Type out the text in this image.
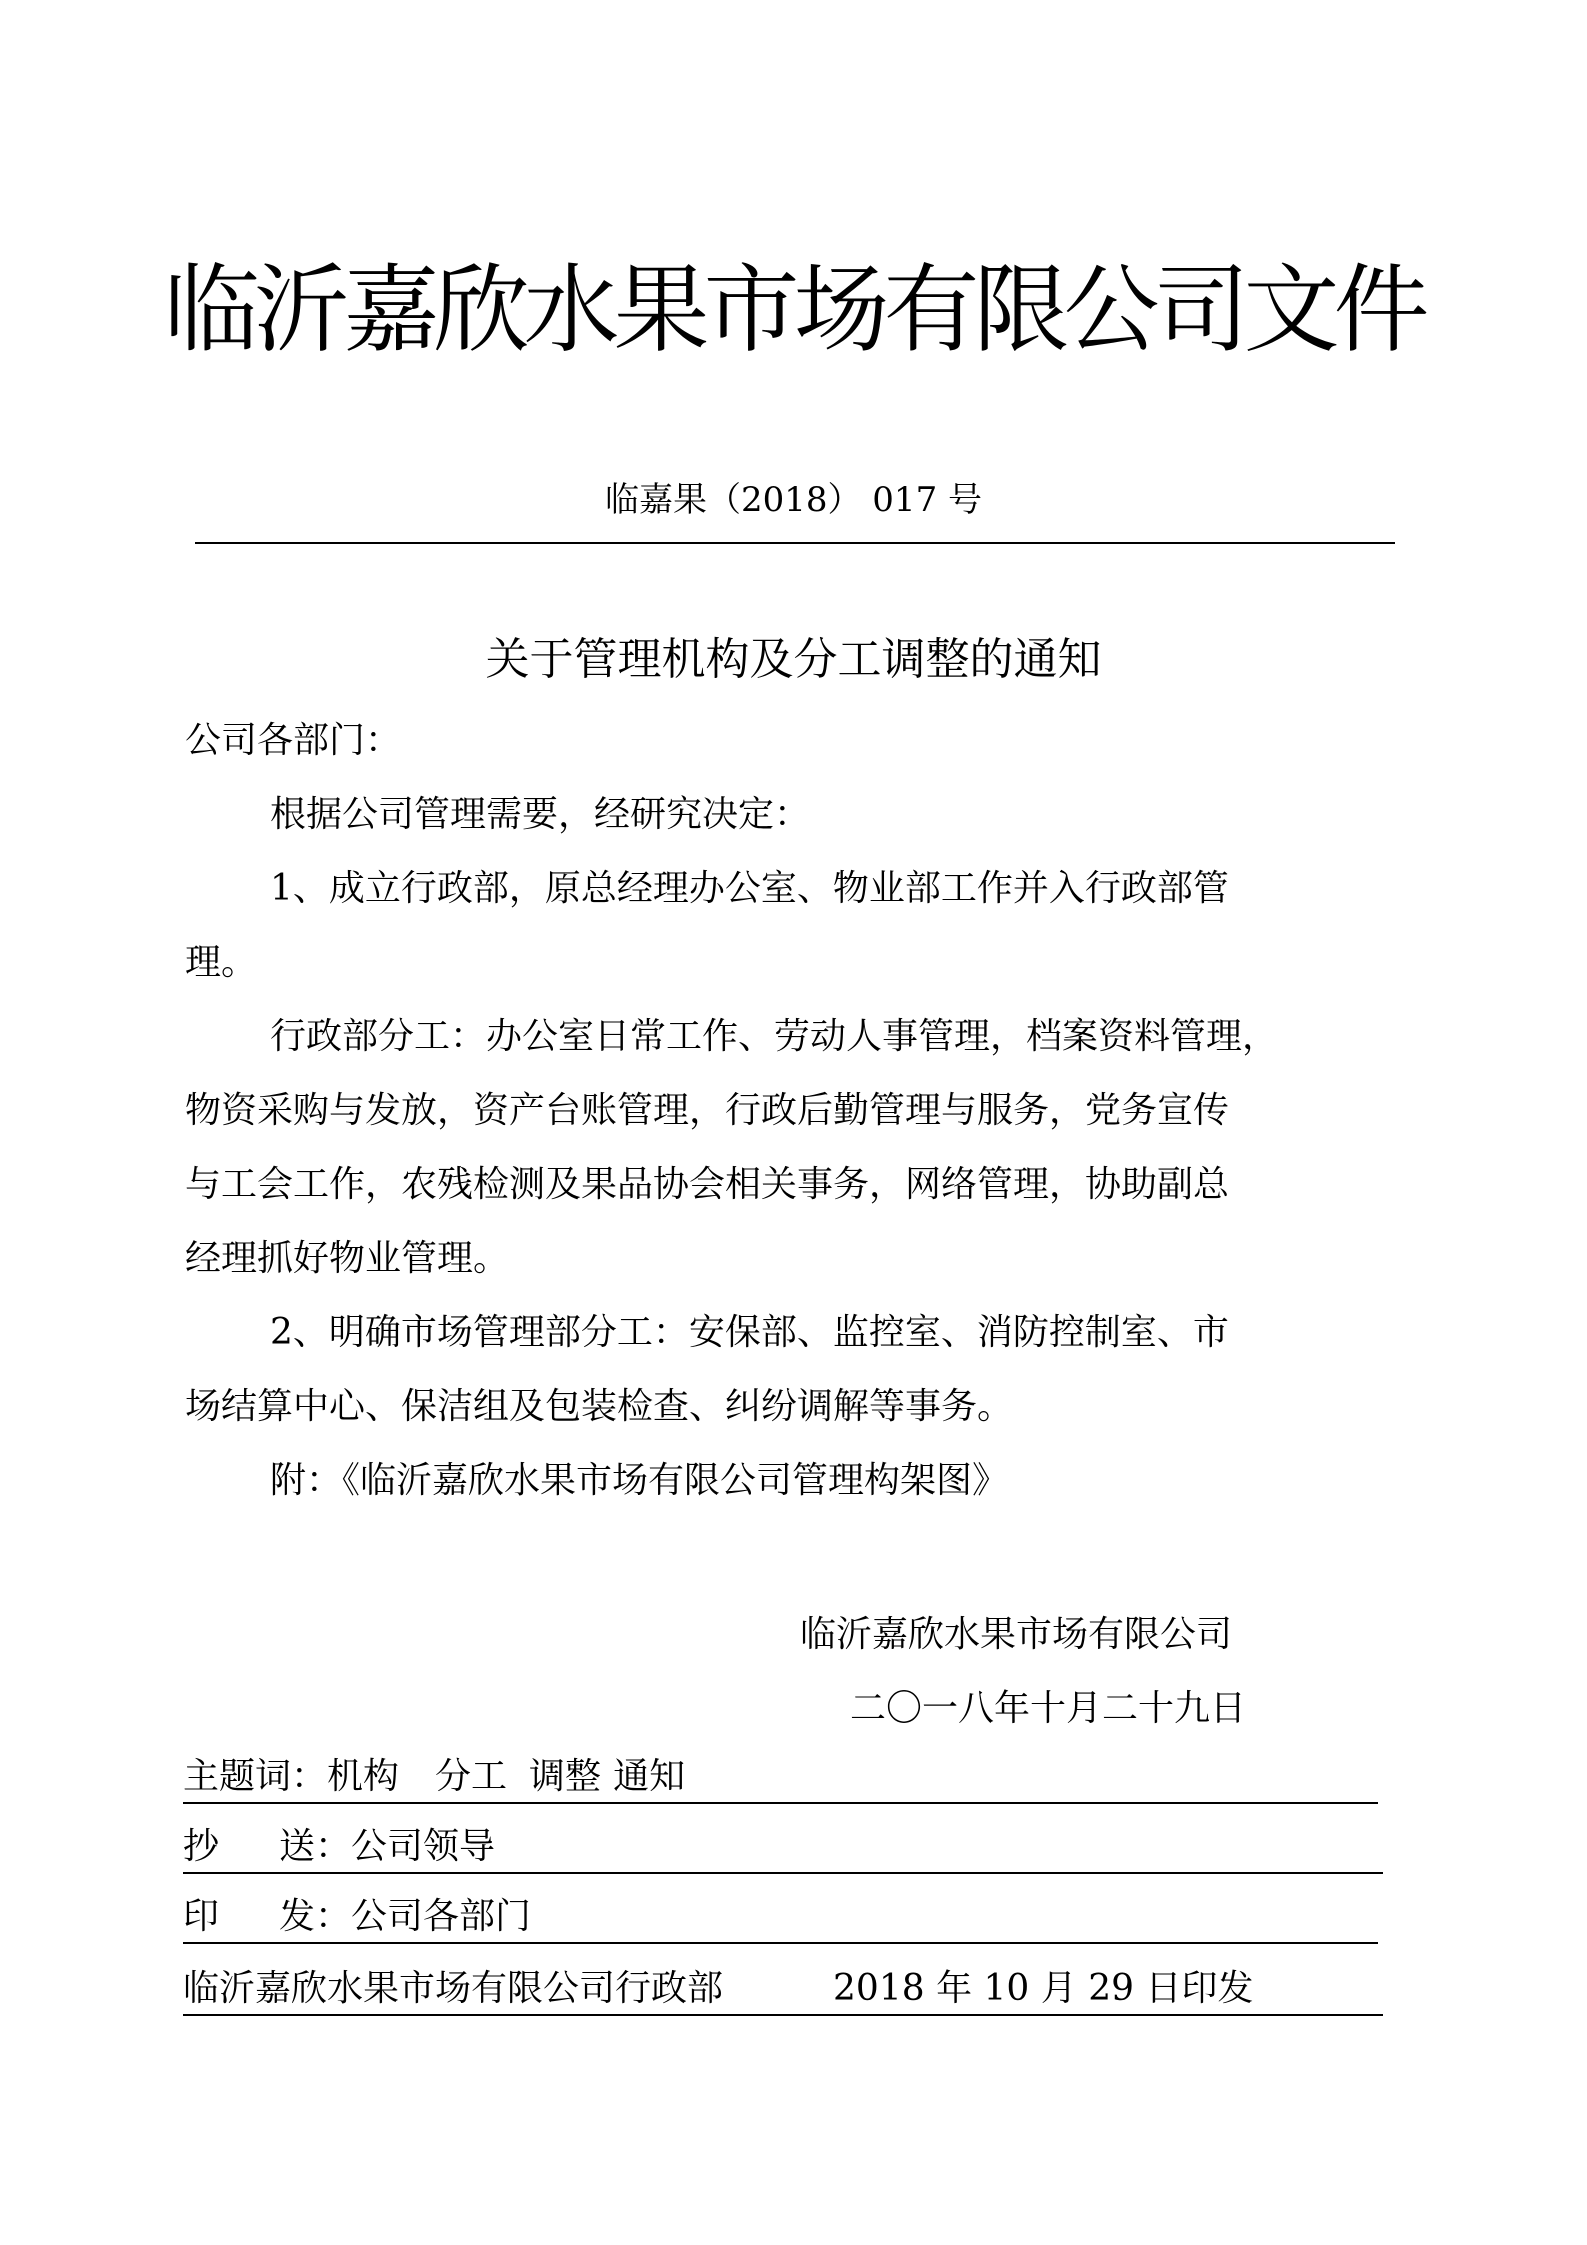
临沂嘉欣水果市场有限公司文件
临嘉果（2018） 017 号
关于管理机构及分工调整的通知
公司各部门：
根据公司管理需要，经研究决定：
1、成立行政部，原总经理办公室、物业部工作并入行政部管
理。
行政部分工：办公室日常工作、劳动人事管理，档案资料管理，
物资采购与发放，资产台账管理，行政后勤管理与服务，党务宣传
与工会工作，农残检测及果品协会相关事务，网络管理，协助副总
经理抓好物业管理。
2、明确市场管理部分工：安保部、监控室、消防控制室、市
场结算中心、保洁组及包装检查、纠纷调解等事务。
附：《临沂嘉欣水果市场有限公司管理构架图》
临沂嘉欣水果市场有限公司
二〇一八年十月二十九日
主题词：机构 分工 调整 通知
抄 送：公司领导
印 发：公司各部门
临沂嘉欣水果市场有限公司行政部	2018 年 10 月 29 日印发
